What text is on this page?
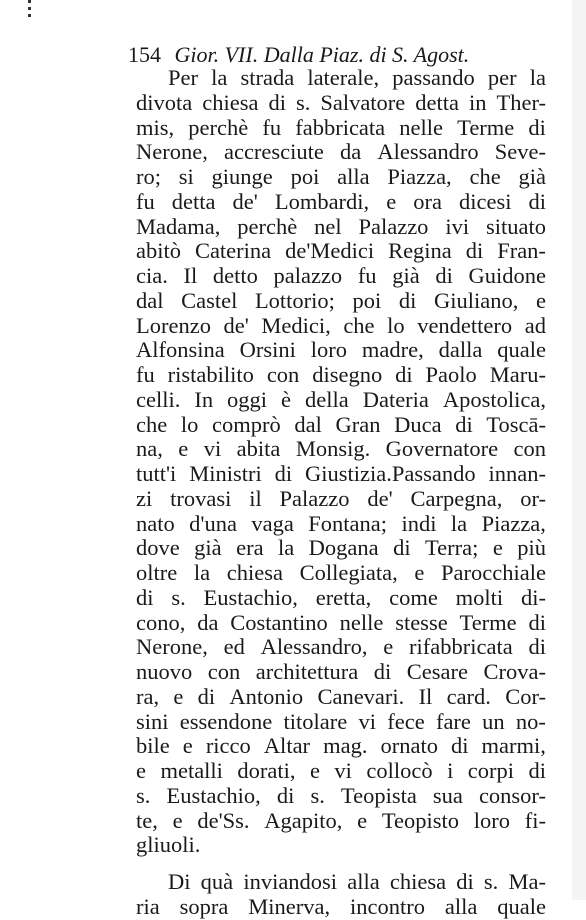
154 Gior. VII. Dalla Piaz. di S. Agost.
Per la strada laterale, passando per la
divota chiesa di s. Salvatore detta in Ther-
mis, perchè fu fabbricata nelle Terme di
Nerone, accresciute da Alessandro Seve-
ro; si giunge poi alla Piazza, che già
fu detta de' Lombardi, e ora dicesi di
Madama, perchè nel Palazzo ivi situato
abitò Caterina de'Medici Regina di Fran-
cia. Il detto palazzo fu già di Guidone
dal Castel Lottorio; poi di Giuliano, e
Lorenzo de' Medici, che lo vendettero ad
Alfonsina Orsini loro madre, dalla quale
fu ristabilito con disegno di Paolo Maru-
celli. In oggi è della Dateria Apostolica,
che lo comprò dal Gran Duca di Toscā-
na, e vi abita Monsig. Governatore con
tutt'i Ministri di Giustizia.Passando innan-
zi trovasi il Palazzo de' Carpegna, or-
nato d'una vaga Fontana; indi la Piazza,
dove già era la Dogana di Terra; e più
oltre la chiesa Collegiata, e Parocchiale
di s. Eustachio, eretta, come molti di-
cono, da Costantino nelle stesse Terme di
Nerone, ed Alessandro, e rifabbricata di
nuovo con architettura di Cesare Crova-
ra, e di Antonio Canevari. Il card. Cor-
sini essendone titolare vi fece fare un no-
bile e ricco Altar mag. ornato di marmi,
e metalli dorati, e vi collocò i corpi di
s. Eustachio, di s. Teopista sua consor-
te, e de'Ss. Agapito, e Teopisto loro fi-
gliuoli.
Di quà inviandosi alla chiesa di s. Ma-
ria sopra Minerva, incontro alla quale
